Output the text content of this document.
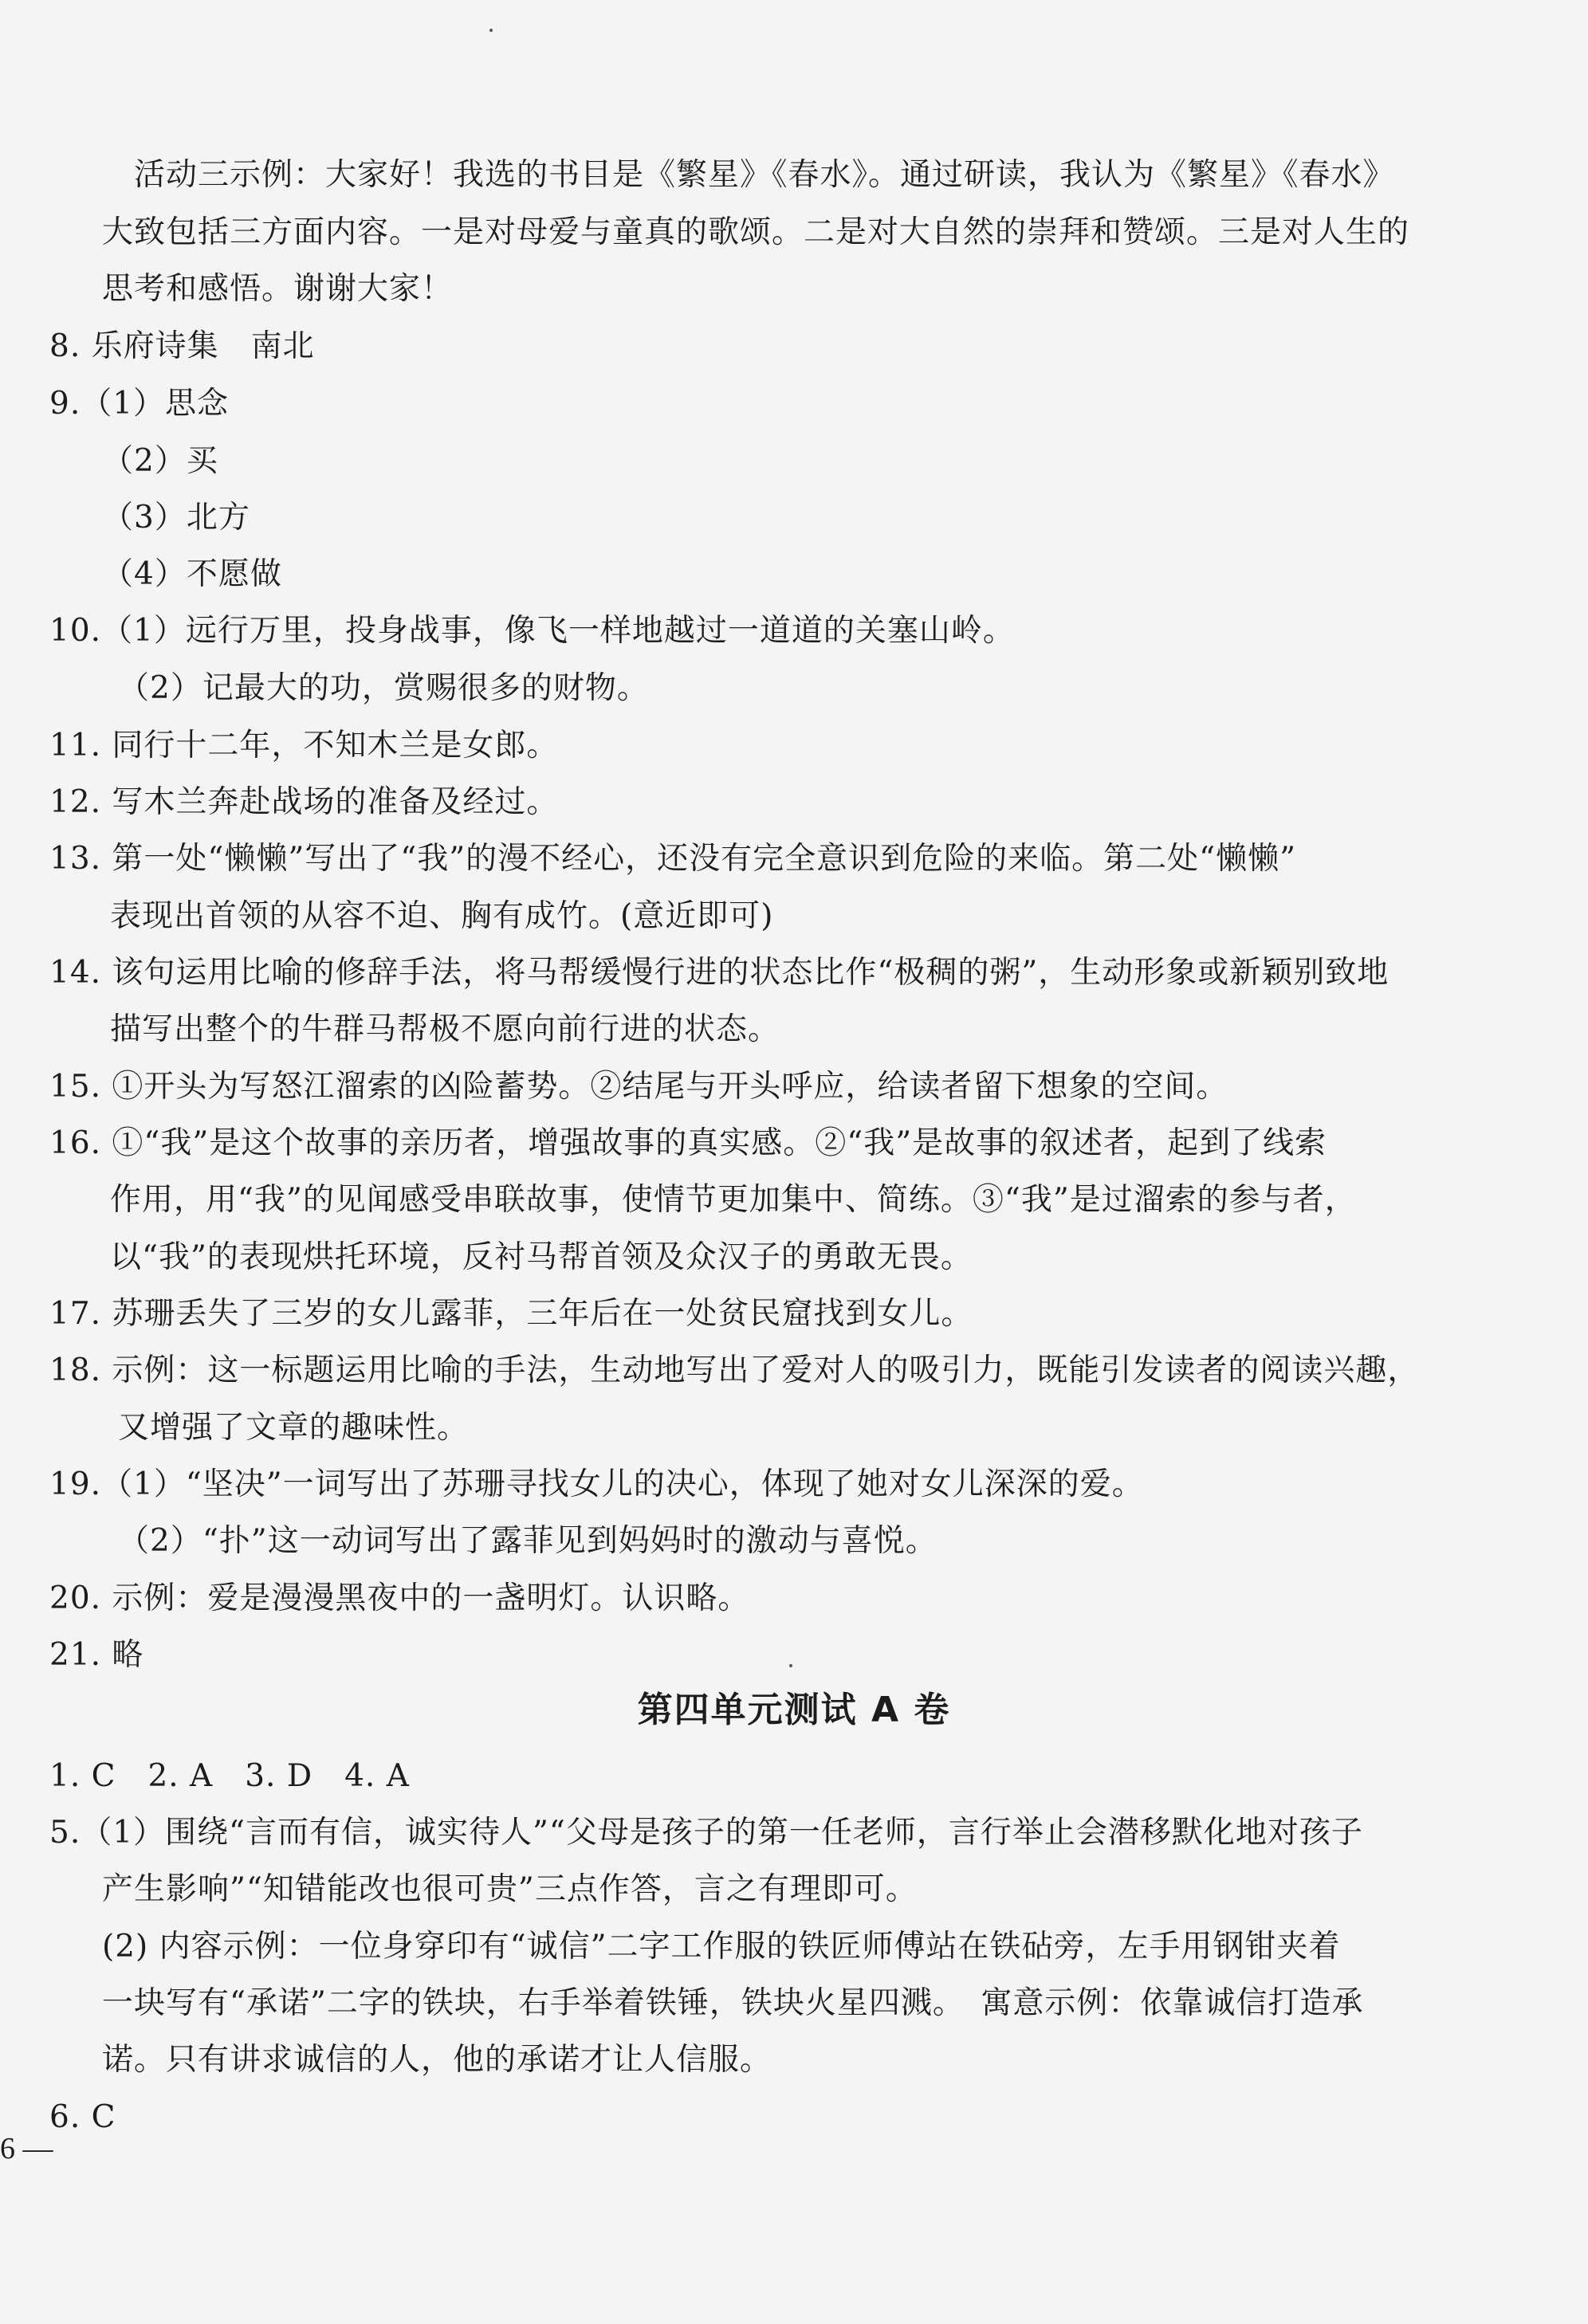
活动三示例：大家好！我选的书目是《繁星》《春水》。通过研读，我认为《繁星》《春水》
大致包括三方面内容。一是对母爱与童真的歌颂。二是对大自然的崇拜和赞颂。三是对人生的
思考和感悟。谢谢大家！
8. 乐府诗集　南北
9.（1）思念
（2）买
（3）北方
（4）不愿做
10.（1）远行万里，投身战事，像飞一样地越过一道道的关塞山岭。
（2）记最大的功，赏赐很多的财物。
11. 同行十二年，不知木兰是女郎。
12. 写木兰奔赴战场的准备及经过。
13. 第一处“懒懒”写出了“我”的漫不经心，还没有完全意识到危险的来临。第二处“懒懒”
表现出首领的从容不迫、胸有成竹。(意近即可)
14. 该句运用比喻的修辞手法，将马帮缓慢行进的状态比作“极稠的粥”，生动形象或新颖别致地
描写出整个的牛群马帮极不愿向前行进的状态。
15. ①开头为写怒江溜索的凶险蓄势。②结尾与开头呼应，给读者留下想象的空间。
16. ①“我”是这个故事的亲历者，增强故事的真实感。②“我”是故事的叙述者，起到了线索
作用，用“我”的见闻感受串联故事，使情节更加集中、简练。③“我”是过溜索的参与者，
以“我”的表现烘托环境，反衬马帮首领及众汉子的勇敢无畏。
17. 苏珊丢失了三岁的女儿露菲，三年后在一处贫民窟找到女儿。
18. 示例：这一标题运用比喻的手法，生动地写出了爱对人的吸引力，既能引发读者的阅读兴趣，
又增强了文章的趣味性。
19.（1）“坚决”一词写出了苏珊寻找女儿的决心，体现了她对女儿深深的爱。
（2）“扑”这一动词写出了露菲见到妈妈时的激动与喜悦。
20. 示例：爱是漫漫黑夜中的一盏明灯。认识略。
21. 略
第四单元测试 A 卷
1. C　2. A　3. D　4. A
5.（1）围绕“言而有信，诚实待人”“父母是孩子的第一任老师，言行举止会潜移默化地对孩子
产生影响”“知错能改也很可贵”三点作答，言之有理即可。
(2) 内容示例：一位身穿印有“诚信”二字工作服的铁匠师傅站在铁砧旁，左手用钢钳夹着
一块写有“承诺”二字的铁块，右手举着铁锤，铁块火星四溅。　寓意示例：依靠诚信打造承
诺。只有讲求诚信的人，他的承诺才让人信服。
6. C
6 —
